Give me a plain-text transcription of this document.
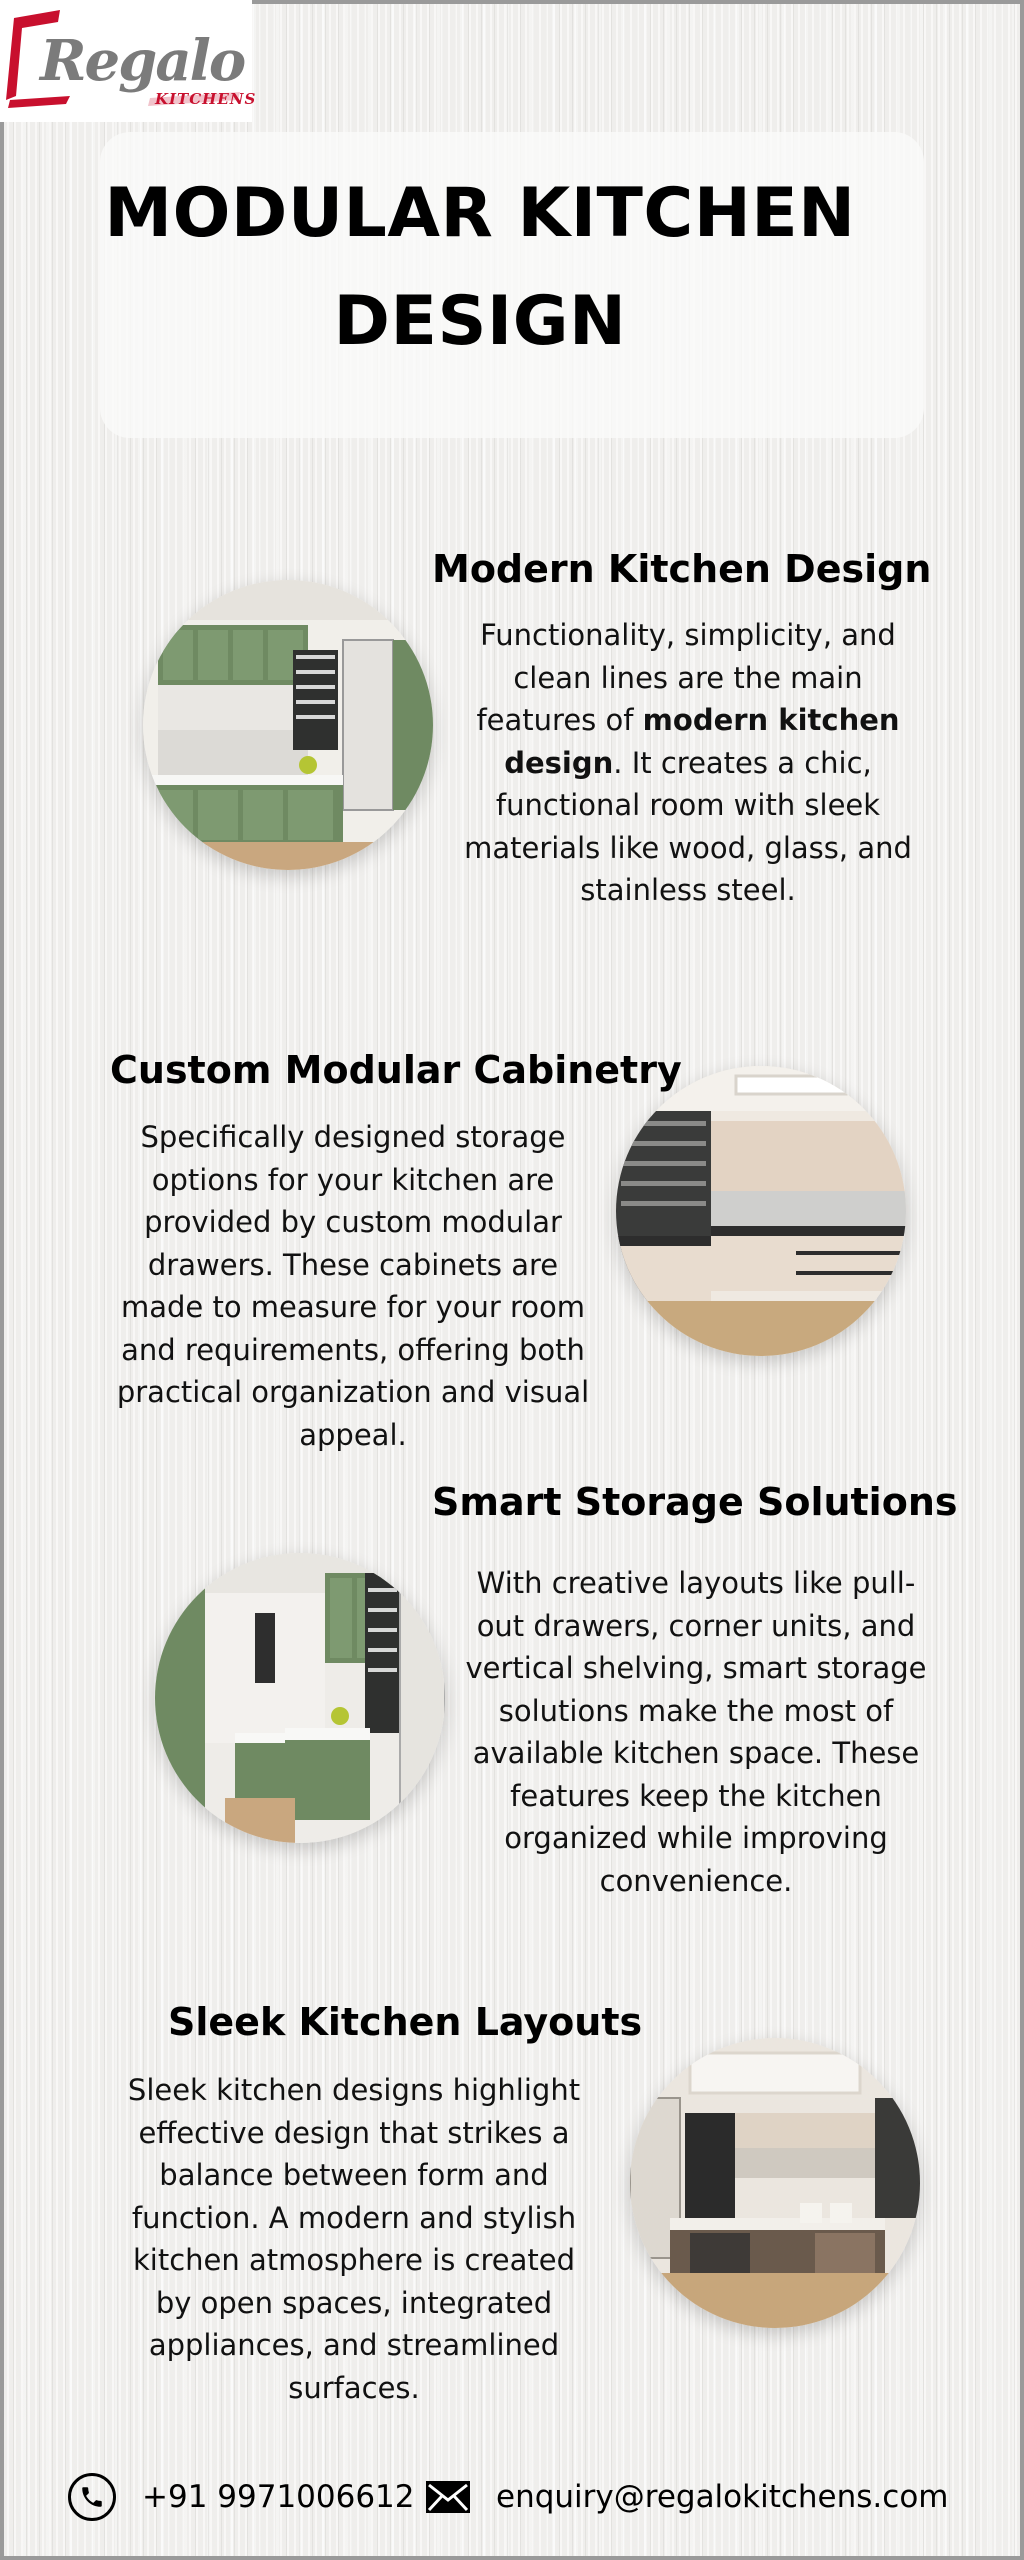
Regalo
KITCHENS
MODULAR KITCHEN
DESIGN
Modern Kitchen Design
Functionality, simplicity, and
clean lines are the main
features of modern kitchen
design. It creates a chic,
functional room with sleek
materials like wood, glass, and
stainless steel.
Custom Modular Cabinetry
Specifically designed storage
options for your kitchen are
provided by custom modular
drawers. These cabinets are
made to measure for your room
and requirements, offering both
practical organization and visual
appeal.
Smart Storage Solutions
With creative layouts like pull-
out drawers, corner units, and
vertical shelving, smart storage
solutions make the most of
available kitchen space. These
features keep the kitchen
organized while improving
convenience.
Sleek Kitchen Layouts
Sleek kitchen designs highlight
effective design that strikes a
balance between form and
function. A modern and stylish
kitchen atmosphere is created
by open spaces, integrated
appliances, and streamlined
surfaces.
+91 9971006612	enquiry@regalokitchens.com
